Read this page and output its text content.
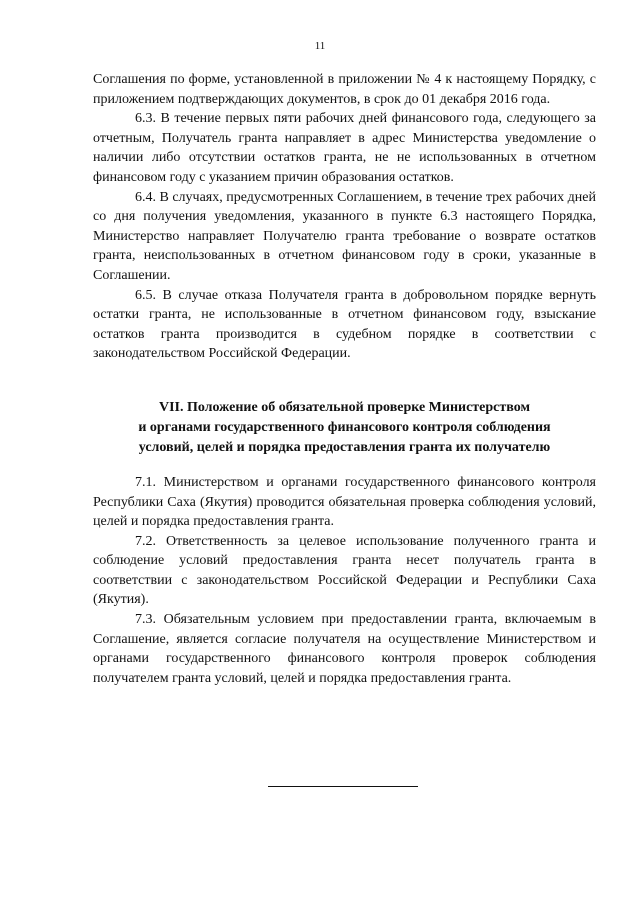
11

Соглашения по форме, установленной в приложении № 4 к настоящему Порядку, с приложением подтверждающих документов, в срок до 01 декабря 2016 года.

6.3. В течение первых пяти рабочих дней финансового года, следующего за отчетным, Получатель гранта направляет в адрес Министерства уведомление о наличии либо отсутствии остатков гранта, не не использованных в отчетном финансовом году с указанием причин образования остатков.

6.4. В случаях, предусмотренных Соглашением, в течение трех рабочих дней со дня получения уведомления, указанного в пункте 6.3 настоящего Порядка, Министерство направляет Получателю гранта требование о возврате остатков гранта, неиспользованных в отчетном финансовом году в сроки, указанные в Соглашении.

6.5. В случае отказа Получателя гранта в добровольном порядке вернуть остатки гранта, не использованные в отчетном финансовом году, взыскание остатков гранта производится в судебном порядке в соответствии с законодательством Российской Федерации.

VII. Положение об обязательной проверке Министерством
и органами государственного финансового контроля соблюдения
условий, целей и порядка предоставления гранта их получателю

7.1. Министерством и органами государственного финансового контроля Республики Саха (Якутия) проводится обязательная проверка соблюдения условий, целей и порядка предоставления гранта.

7.2. Ответственность за целевое использование полученного гранта и соблюдение условий предоставления гранта несет получатель гранта в соответствии с законодательством Российской Федерации и Республики Саха (Якутия).

7.3. Обязательным условием при предоставлении гранта, включаемым в Соглашение, является согласие получателя на осуществление Министерством и органами государственного финансового контроля проверок соблюдения получателем гранта условий, целей и порядка предоставления гранта.
